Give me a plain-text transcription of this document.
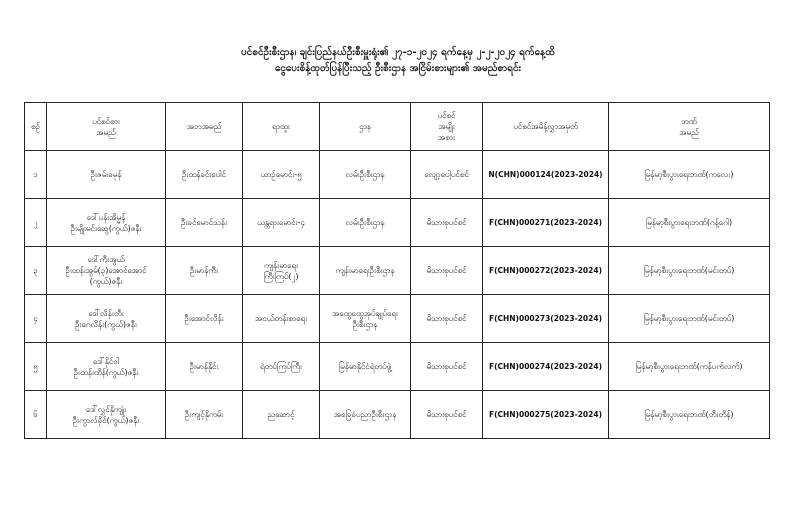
ပင်စင်ဦးစီးဌာန၊ ချင်းပြည်နယ်ဦးစီးမှူးရုံး၏ ၂၇-၁-၂၀၂၄ ရက်နေ့မှ ၂-၂-၂၀၂၄ ရက်နေ့ထိ
ငွေပေးစိန့်ထုတ်ပြန်ပြီးသည့် ဦးစီးဌာန အငြိမ်းစားများ၏ အမည်စာရင်း
စဉ်	ပင်စင်စား
အမည်	အဘအမည်	ရာထူး	ဌာန	ပင်စင်
အမျိုး
အစား	ပင်စင်အမိန့်လွှာအမှတ်	ဘဏ်
အမည်
၁	ဦးဇမ်းခမုန်	ဦးထန်ခင်းပေါင်	ယာဉ်မောင်း-၅	လမ်းဦးစီးဌာန	လျော့ပေါ့ပင်စင်	N(CHN)000124(2023-2024)	မြန်မာ့စီးပွားရေးဘဏ်(ကလေး)
၂	ဒေါ်ပန်းအိမ္မန်
ဦးမျိုးမင်းဆွေ(ကွယ်)ဇနီး	ဦးခင်မောင်သန်း	ယန္တရားမောင်း-၄	လမ်းဦးစီးဌာန	မိသားစုပင်စင်	F(CHN)000271(2023-2024)	မြန်မာ့စီးပွားရေးဘဏ်(ဂန့်ဂေါ)
၃	ဒေါ်ကီးအွယ်
ဦးထန်းအွမ်(၃)အောင်အောင်
(ကွယ်)ဇနီး	ဦးမာန်ကီး	ကျန်းမာရေး
ကြီးကြပ်(၂)	ကျန်းမာရေးဦးစီးဌာန	မိသားစုပင်စင်	F(CHN)000272(2023-2024)	မြန်မာ့စီးပွားရေးဘဏ်(မင်းတပ်)
၄	ဒေါ်လိန်းတီး
ဦးဂေလိန်း(ကွယ်)ဇနီး	ဦးအောင်လိန်း	အငယ်တန်းစာရေး	အထွေထွေအုပ်ချုပ်ရေး
ဦးစီးဌာန	မိသားစုပင်စင်	F(CHN)000273(2023-2024)	မြန်မာ့စီးပွားရေးဘဏ်(မင်းတပ်)
၅	ဒေါ်နိုင်ဝါ
ဦးထန်းထိန်(ကွယ်)ဇနီး	ဦးမာန်နိုင်း	ရဲတပ်ကြပ်ကြီး	မြန်မာနိုင်ငံရဲတပ်ဖွဲ့	မိသားစုပင်စင်	F(CHN)000274(2023-2024)	မြန်မာ့စီးပွားရေးဘဏ်(ကန်ပက်လက်)
၆	ဒေါ်လွှင်နိုကျုံး
ဦးကွာလ်ခိုင်(ကွယ်)ဇနီး	ဦးကျင့်နိုကမ်း	ညဆောင့်	အခြေခံပညာဦးစီးဌာန	မိသားစုပင်စင်	F(CHN)000275(2023-2024)	မြန်မာ့စီးပွားရေးဘဏ်(တီးတိန်)
